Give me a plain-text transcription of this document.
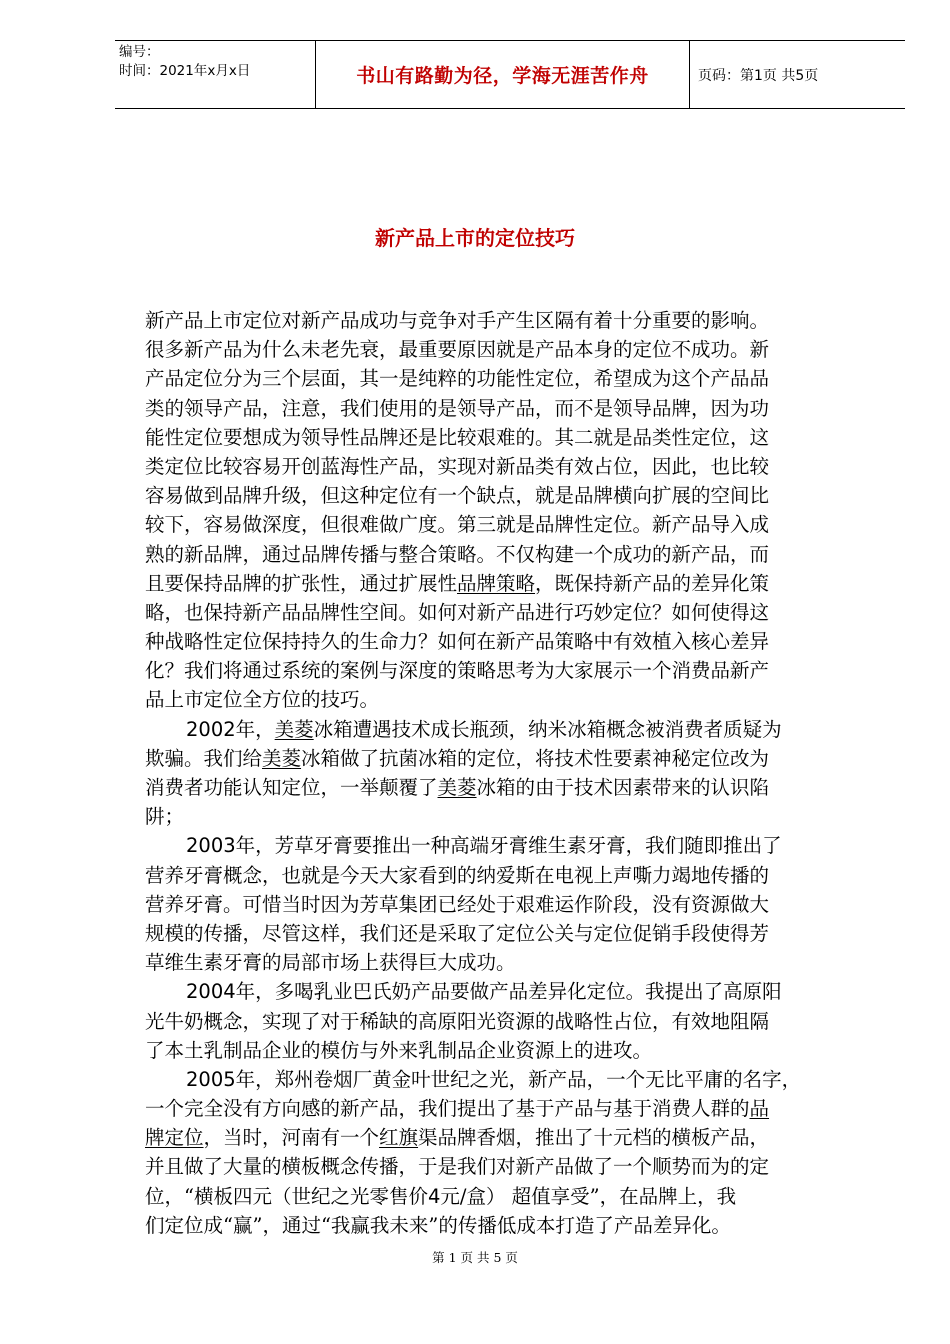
编号：
时间：2021年x月x日	书山有路勤为径，学海无涯苦作舟	页码：第1页 共5页
新产品上市的定位技巧
新产品上市定位对新产品成功与竞争对手产生区隔有着十分重要的影响。
很多新产品为什么未老先衰，最重要原因就是产品本身的定位不成功。新
产品定位分为三个层面，其一是纯粹的功能性定位，希望成为这个产品品
类的领导产品，注意，我们使用的是领导产品，而不是领导品牌，因为功
能性定位要想成为领导性品牌还是比较艰难的。其二就是品类性定位，这
类定位比较容易开创蓝海性产品，实现对新品类有效占位，因此，也比较
容易做到品牌升级，但这种定位有一个缺点，就是品牌横向扩展的空间比
较下，容易做深度，但很难做广度。第三就是品牌性定位。新产品导入成
熟的新品牌，通过品牌传播与整合策略。不仅构建一个成功的新产品，而
且要保持品牌的扩张性，通过扩展性品牌策略，既保持新产品的差异化策
略，也保持新产品品牌性空间。如何对新产品进行巧妙定位？如何使得这
种战略性定位保持持久的生命力？如何在新产品策略中有效植入核心差异
化？我们将通过系统的案例与深度的策略思考为大家展示一个消费品新产
品上市定位全方位的技巧。
2002年，美菱冰箱遭遇技术成长瓶颈，纳米冰箱概念被消费者质疑为
欺骗。我们给美菱冰箱做了抗菌冰箱的定位，将技术性要素神秘定位改为
消费者功能认知定位，一举颠覆了美菱冰箱的由于技术因素带来的认识陷
阱；
2003年，芳草牙膏要推出一种高端牙膏维生素牙膏，我们随即推出了
营养牙膏概念，也就是今天大家看到的纳爱斯在电视上声嘶力竭地传播的
营养牙膏。可惜当时因为芳草集团已经处于艰难运作阶段，没有资源做大
规模的传播，尽管这样，我们还是采取了定位公关与定位促销手段使得芳
草维生素牙膏的局部市场上获得巨大成功。
2004年，多喝乳业巴氏奶产品要做产品差异化定位。我提出了高原阳
光牛奶概念，实现了对于稀缺的高原阳光资源的战略性占位，有效地阻隔
了本土乳制品企业的模仿与外来乳制品企业资源上的进攻。
2005年，郑州卷烟厂黄金叶世纪之光，新产品，一个无比平庸的名字，
一个完全没有方向感的新产品，我们提出了基于产品与基于消费人群的品
牌定位，当时，河南有一个红旗渠品牌香烟，推出了十元档的横板产品，
并且做了大量的横板概念传播，于是我们对新产品做了一个顺势而为的定
位，“横板四元（世纪之光零售价4元/盒） 超值享受”，在品牌上，我
们定位成“赢”，通过“我赢我未来”的传播低成本打造了产品差异化。
第 1 页 共 5 页
